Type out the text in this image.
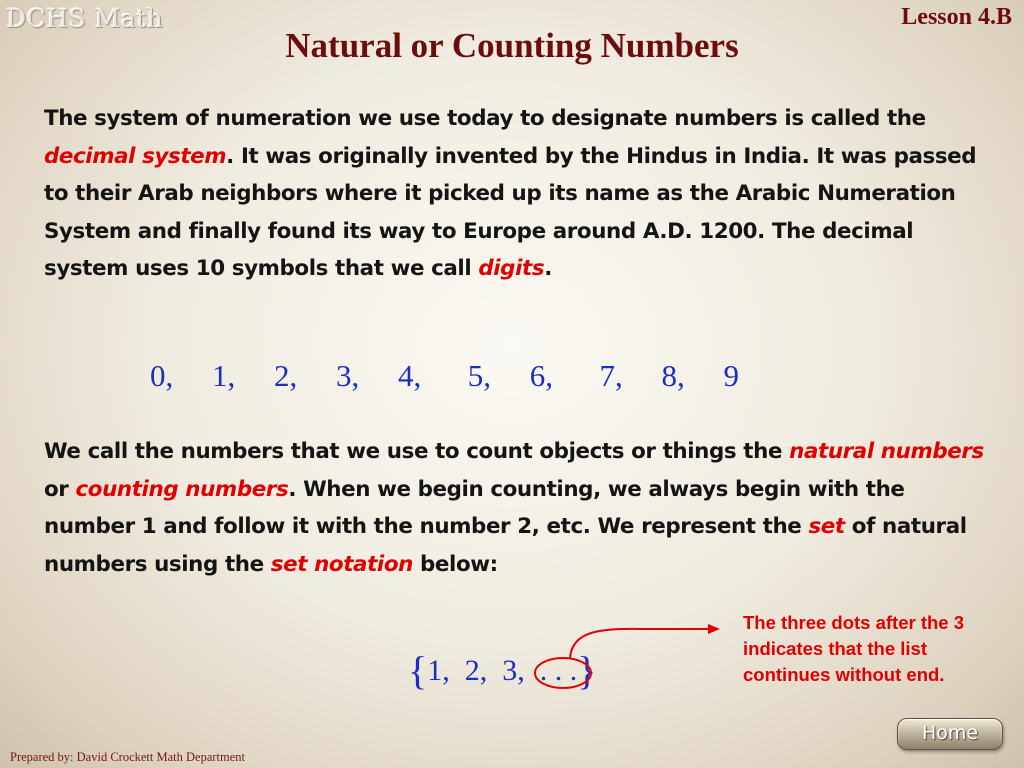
DCHS Math	Lesson 4.B
Natural or Counting Numbers
The system of numeration we use today to designate numbers is called the decimal system. It was originally invented by the Hindus in India. It was passed to their Arab neighbors where it picked up its name as the Arabic Numeration System and finally found its way to Europe around A.D. 1200. The decimal system uses 10 symbols that we call digits.
0,     1,     2,     3,     4,      5,     6,      7,     8,     9
We call the numbers that we use to count objects or things the natural numbers or counting numbers. When we begin counting, we always begin with the number 1 and follow it with the number 2, etc. We represent the set of natural numbers using the set notation below:
{1,  2,  3,  . . .}
The three dots after the 3 indicates that the list continues without end.
Home
Prepared by: David Crockett Math Department
